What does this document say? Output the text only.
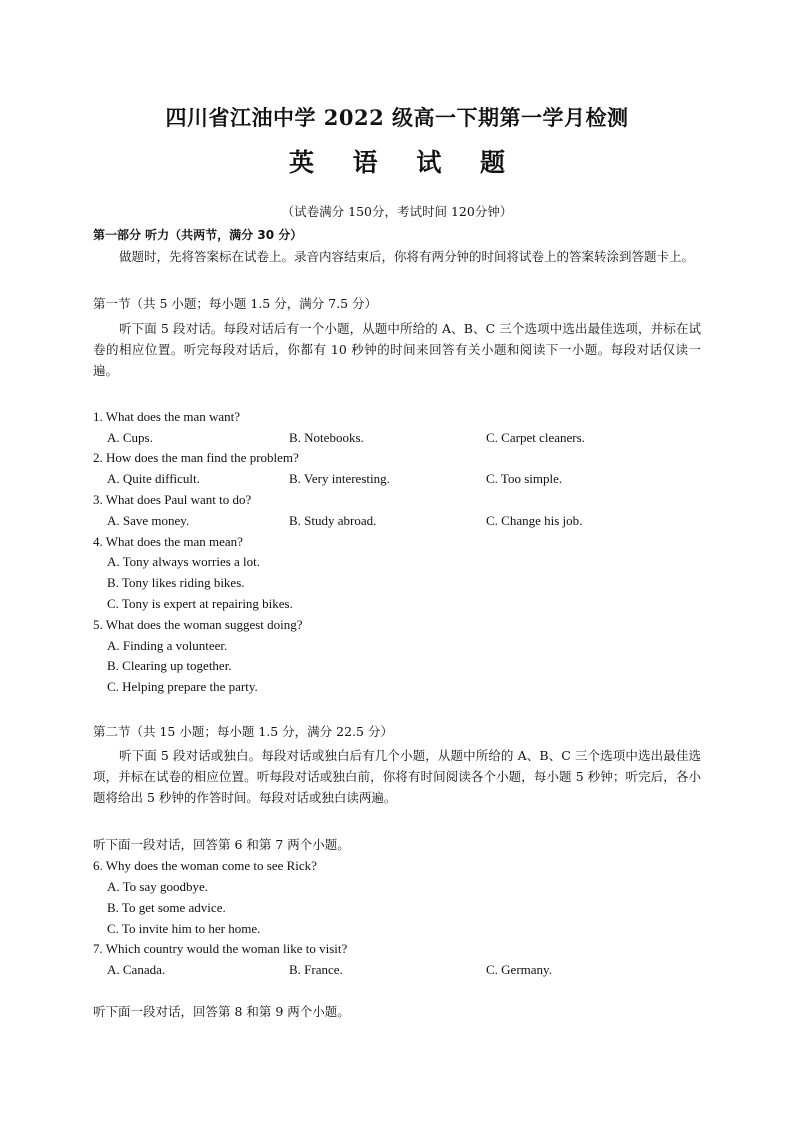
四川省江油中学 2022 级高一下期第一学月检测
英 语 试 题
（试卷满分 150分，考试时间 120分钟）
第一部分 听力（共两节，满分 30 分）
做题时，先将答案标在试卷上。录音内容结束后，你将有两分钟的时间将试卷上的答案转涂到答题卡上。
第一节（共 5 小题；每小题 1.5 分，满分 7.5 分）
听下面 5 段对话。每段对话后有一个小题，从题中所给的 A、B、C 三个选项中选出最佳选项，并标在试卷的相应位置。听完每段对话后，你都有 10 秒钟的时间来回答有关小题和阅读下一小题。每段对话仅读一遍。
1. What does the man want?
A. Cups.	B. Notebooks.	C. Carpet cleaners.
2. How does the man find the problem?
A. Quite difficult.	B. Very interesting.	C. Too simple.
3. What does Paul want to do?
A. Save money.	B. Study abroad.	C. Change his job.
4. What does the man mean?
A. Tony always worries a lot.
B. Tony likes riding bikes.
C. Tony is expert at repairing bikes.
5. What does the woman suggest doing?
A. Finding a volunteer.
B. Clearing up together.
C. Helping prepare the party.
第二节（共 15 小题；每小题 1.5 分，满分 22.5 分）
听下面 5 段对话或独白。每段对话或独白后有几个小题，从题中所给的 A、B、C 三个选项中选出最佳选项，并标在试卷的相应位置。听每段对话或独白前，你将有时间阅读各个小题，每小题 5 秒钟；听完后，各小题将给出 5 秒钟的作答时间。每段对话或独白读两遍。
听下面一段对话，回答第 6 和第 7 两个小题。
6. Why does the woman come to see Rick?
A. To say goodbye.
B. To get some advice.
C. To invite him to her home.
7. Which country would the woman like to visit?
A. Canada.	B. France.	C. Germany.
听下面一段对话，回答第 8 和第 9 两个小题。
